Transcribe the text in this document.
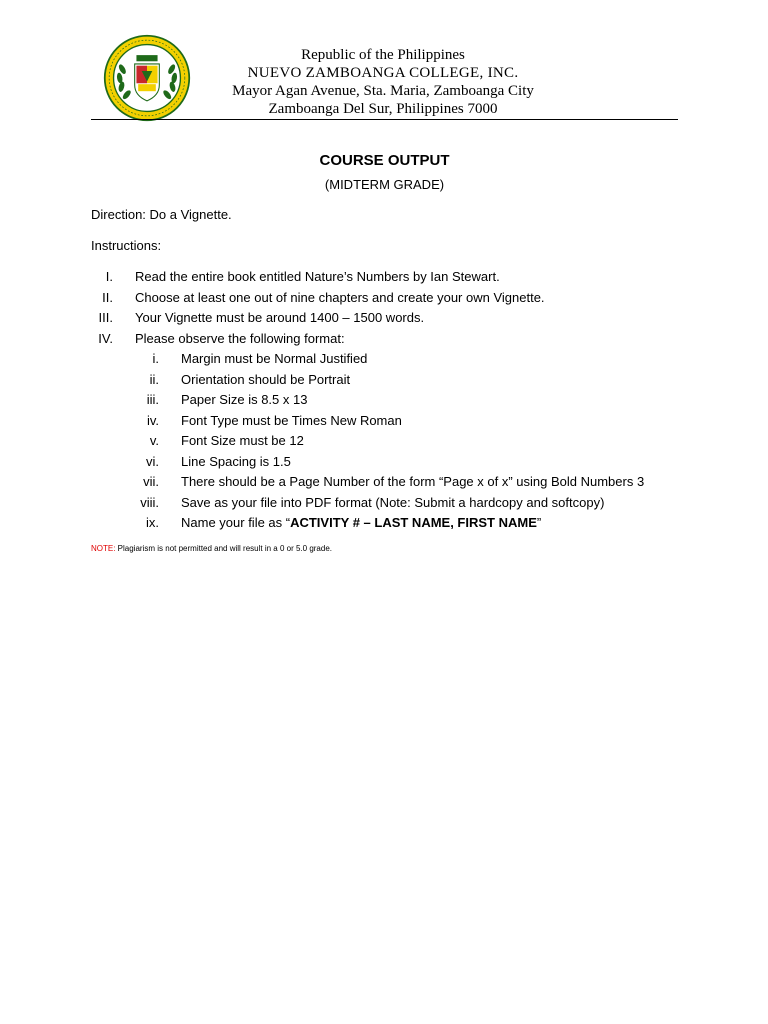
Republic of the Philippines
NUEVO ZAMBOANGA COLLEGE, INC.
Mayor Agan Avenue, Sta. Maria, Zamboanga City
Zamboanga Del Sur, Philippines 7000
COURSE OUTPUT
(MIDTERM GRADE)
Direction: Do a Vignette.
Instructions:
I. Read the entire book entitled Nature’s Numbers by Ian Stewart.
II. Choose at least one out of nine chapters and create your own Vignette.
III. Your Vignette must be around 1400 – 1500 words.
IV. Please observe the following format:
i. Margin must be Normal Justified
ii. Orientation should be Portrait
iii. Paper Size is 8.5 x 13
iv. Font Type must be Times New Roman
v. Font Size must be 12
vi. Line Spacing is 1.5
vii. There should be a Page Number of the form “Page x of x” using Bold Numbers 3
viii. Save as your file into PDF format (Note: Submit a hardcopy and softcopy)
ix. Name your file as “ACTIVITY # – LAST NAME, FIRST NAME”
NOTE: Plagiarism is not permitted and will result in a 0 or 5.0 grade.
